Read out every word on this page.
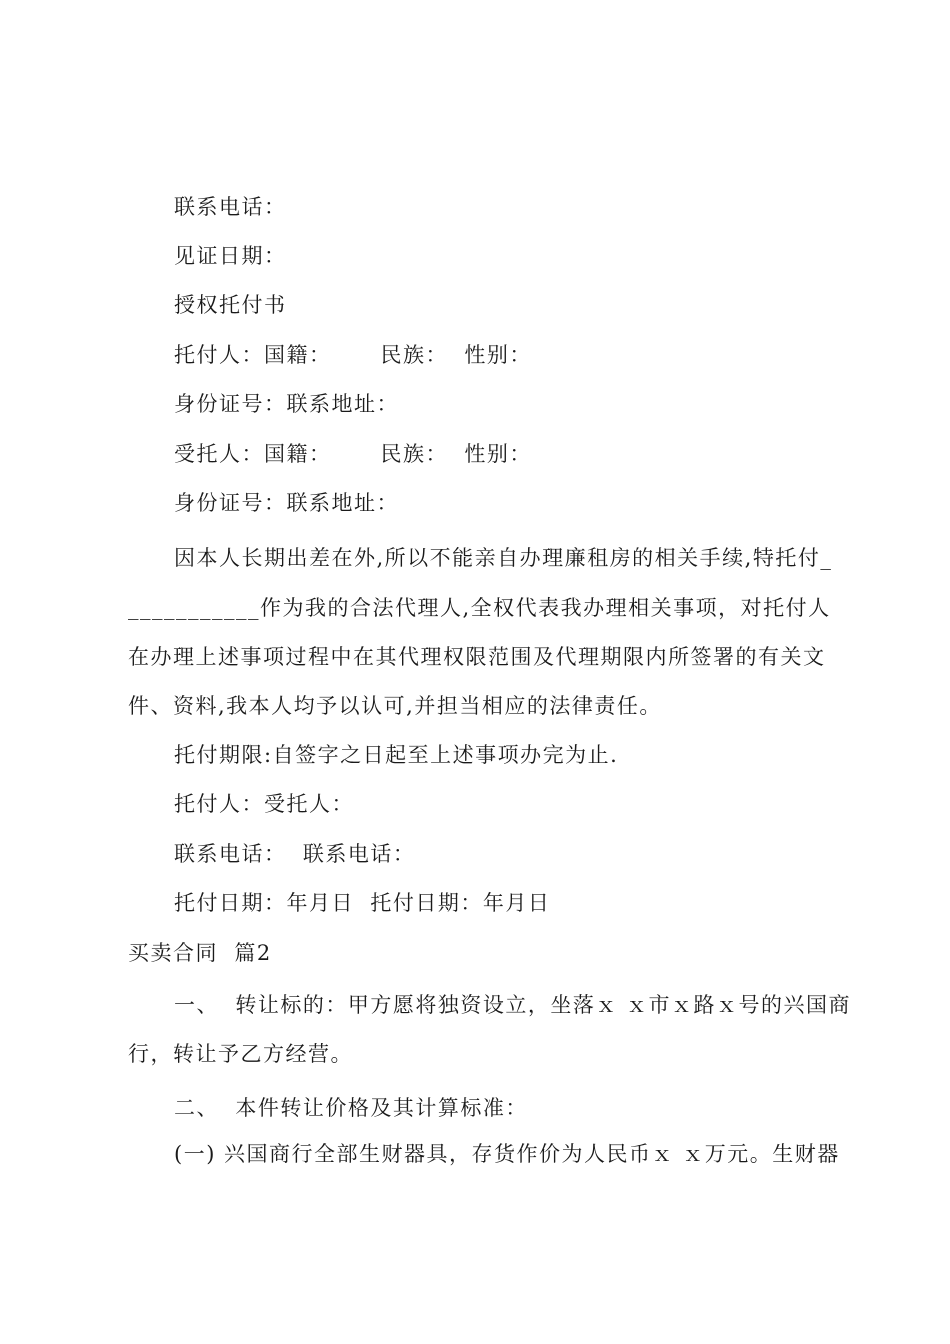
联系电话：
见证日期：
授权托付书
托付人：国籍：      民族：  性别：
身份证号：联系地址：
受托人：国籍：      民族：  性别：
身份证号：联系地址：
因本人长期出差在外,所以不能亲自办理廉租房的相关手续,特托付_
___________作为我的合法代理人,全权代表我办理相关事项，对托付人
在办理上述事项过程中在其代理权限范围及代理期限内所签署的有关文
件、资料,我本人均予以认可,并担当相应的法律责任。
托付期限:自签字之日起至上述事项办完为止.
托付人：受托人：
联系电话：  联系电话：
托付日期：年月日  托付日期：年月日
买卖合同  篇2
一、  转让标的：甲方愿将独资设立，坐落ｘ ｘ市ｘ路ｘ号的兴国商
行，转让予乙方经营。
二、  本件转让价格及其计算标准：
(一) 兴国商行全部生财器具，存货作价为人民币ｘ ｘ万元。生财器
